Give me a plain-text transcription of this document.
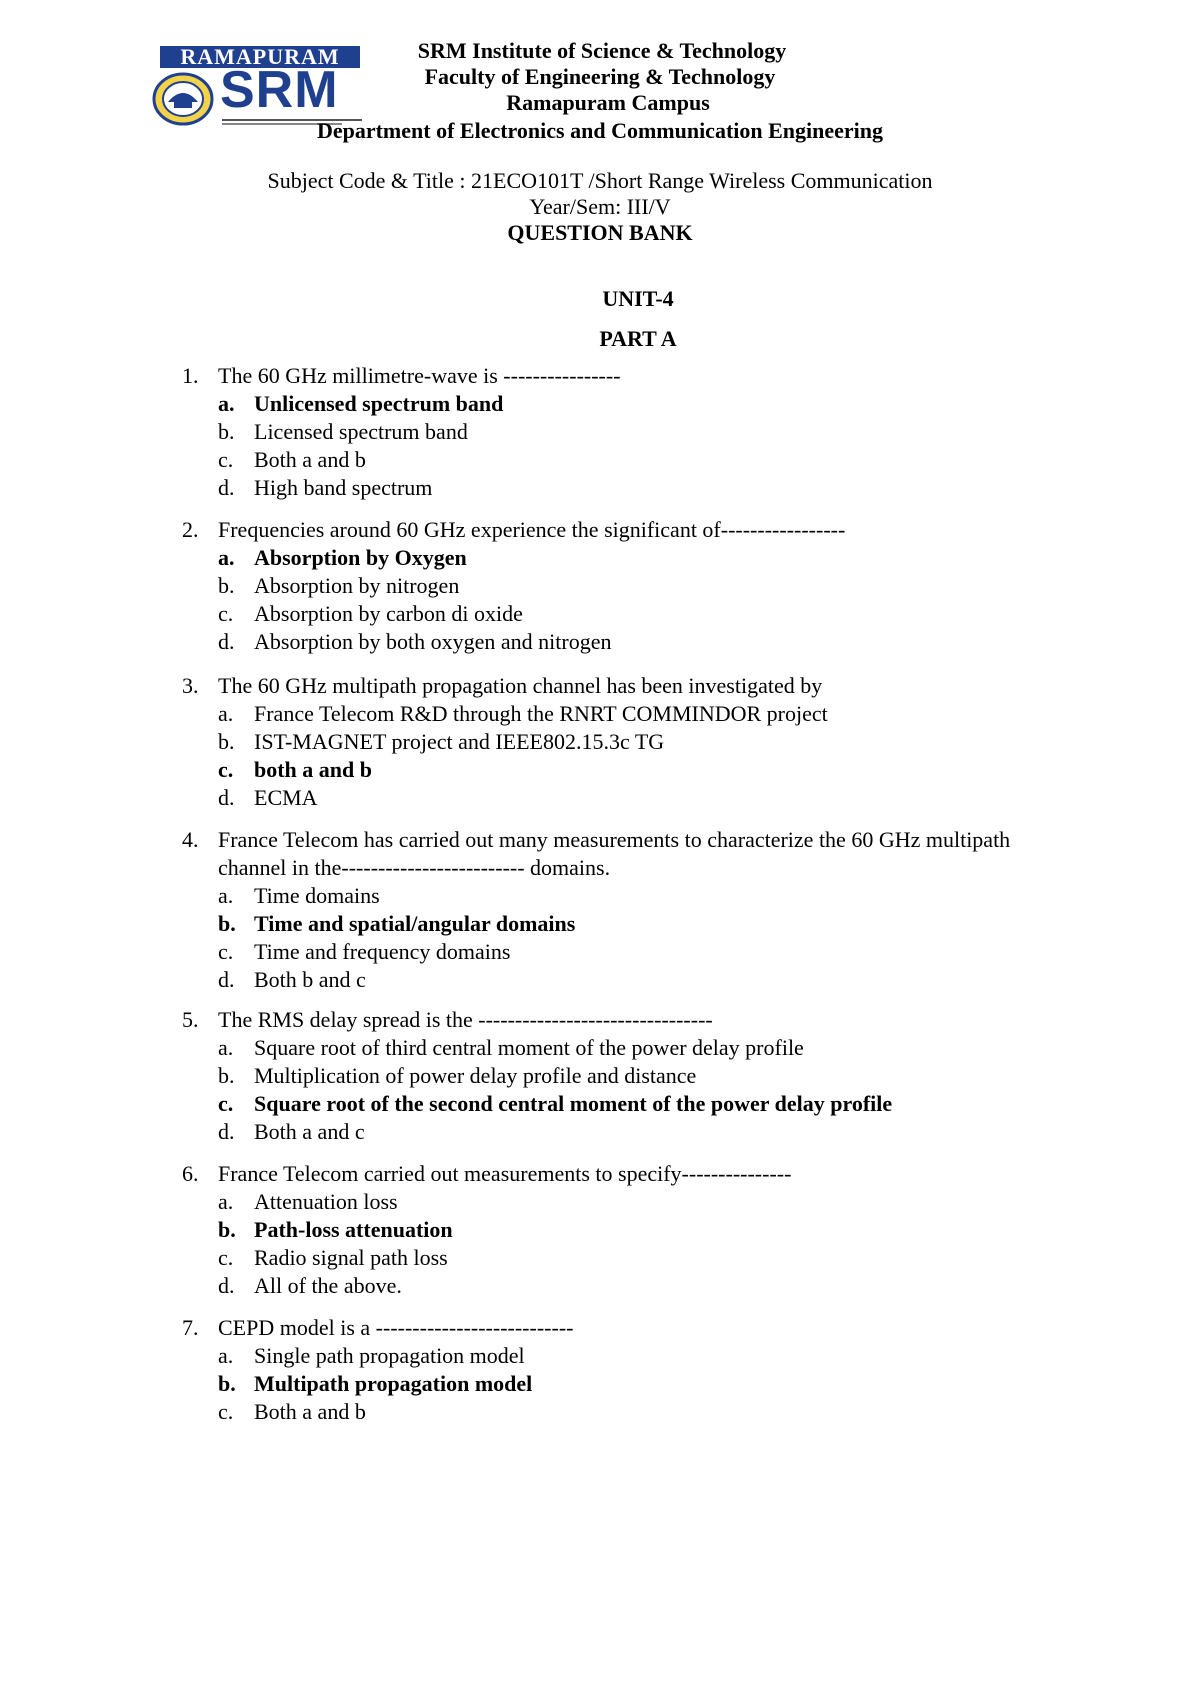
RAMAPURAM
SRM
SRM Institute of Science & Technology
Faculty of Engineering & Technology
Ramapuram Campus
Department of Electronics and Communication Engineering
Subject Code & Title : 21ECO101T /Short Range Wireless Communication
Year/Sem: III/V
QUESTION BANK
UNIT-4
PART A
1. The 60 GHz millimetre-wave is ----------------
a. Unlicensed spectrum band
b. Licensed spectrum band
c. Both a and b
d. High band spectrum
2. Frequencies around 60 GHz experience the significant of-----------------
a. Absorption by Oxygen
b. Absorption by nitrogen
c. Absorption by carbon di oxide
d. Absorption by both oxygen and nitrogen
3. The 60 GHz multipath propagation channel has been investigated by
a. France Telecom R&D through the RNRT COMMINDOR project
b. IST-MAGNET project and IEEE802.15.3c TG
c. both a and b
d. ECMA
4. France Telecom has carried out many measurements to characterize the 60 GHz multipath channel in the------------------------- domains.
a. Time domains
b. Time and spatial/angular domains
c. Time and frequency domains
d. Both b and c
5. The RMS delay spread is the --------------------------------
a. Square root of third central moment of the power delay profile
b. Multiplication of power delay profile and distance
c. Square root of the second central moment of the power delay profile
d. Both a and c
6. France Telecom carried out measurements to specify---------------
a. Attenuation loss
b. Path-loss attenuation
c. Radio signal path loss
d. All of the above.
7. CEPD model is a ---------------------------
a. Single path propagation model
b. Multipath propagation model
c. Both a and b
